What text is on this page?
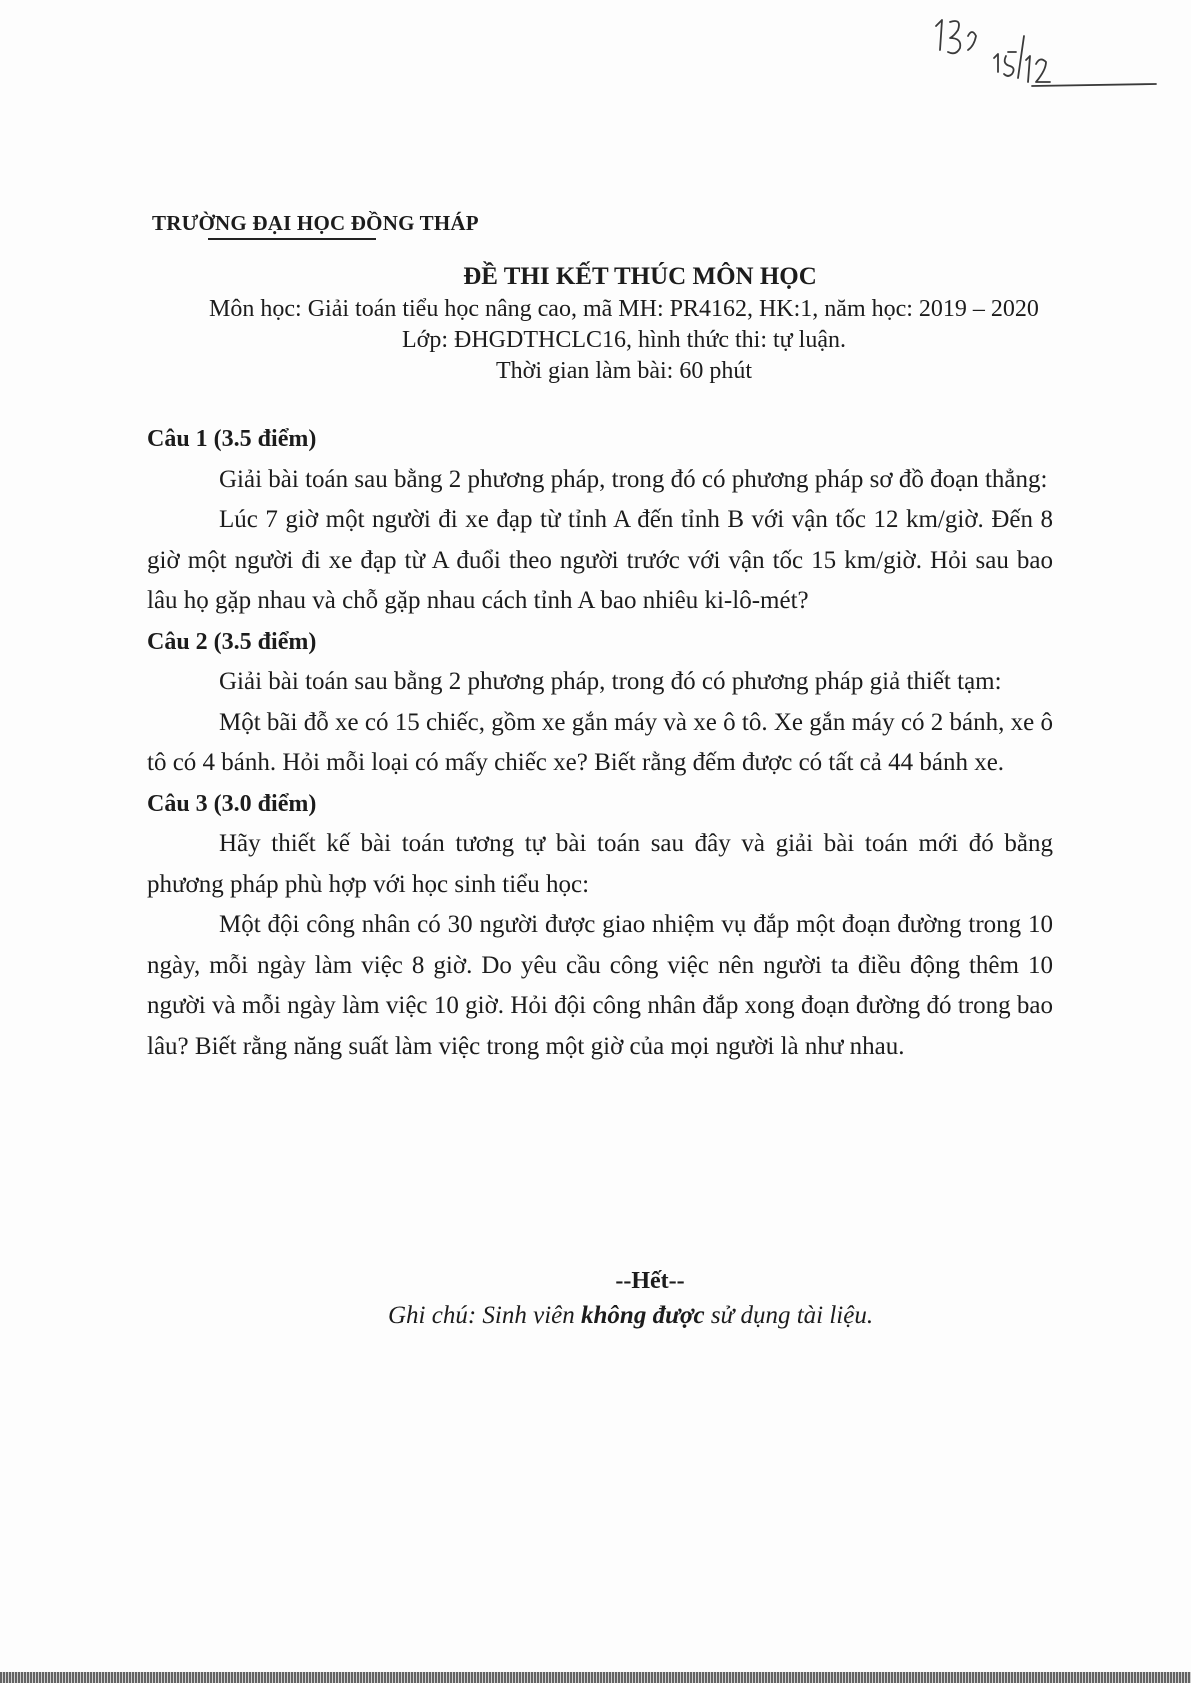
TRƯỜNG ĐẠI HỌC ĐỒNG THÁP
ĐỀ THI KẾT THÚC MÔN HỌC
Môn học: Giải toán tiểu học nâng cao, mã MH: PR4162, HK:1, năm học: 2019 – 2020
Lớp: ĐHGDTHCLC16, hình thức thi: tự luận.
Thời gian làm bài: 60 phút
Câu 1 (3.5 điểm)

Giải bài toán sau bằng 2 phương pháp, trong đó có phương pháp sơ đồ đoạn thẳng:

Lúc 7 giờ một người đi xe đạp từ tỉnh A đến tỉnh B với vận tốc 12 km/giờ. Đến 8 giờ một người đi xe đạp từ A đuổi theo người trước với vận tốc 15 km/giờ. Hỏi sau bao lâu họ gặp nhau và chỗ gặp nhau cách tỉnh A bao nhiêu ki-lô-mét?

Câu 2 (3.5 điểm)

Giải bài toán sau bằng 2 phương pháp, trong đó có phương pháp giả thiết tạm:

Một bãi đỗ xe có 15 chiếc, gồm xe gắn máy và xe ô tô. Xe gắn máy có 2 bánh, xe ô tô có 4 bánh. Hỏi mỗi loại có mấy chiếc xe? Biết rằng đếm được có tất cả 44 bánh xe.

Câu 3 (3.0 điểm)

Hãy thiết kế bài toán tương tự bài toán sau đây và giải bài toán mới đó bằng phương pháp phù hợp với học sinh tiểu học:

Một đội công nhân có 30 người được giao nhiệm vụ đắp một đoạn đường trong 10 ngày, mỗi ngày làm việc 8 giờ. Do yêu cầu công việc nên người ta điều động thêm 10 người và mỗi ngày làm việc 10 giờ. Hỏi đội công nhân đắp xong đoạn đường đó trong bao lâu? Biết rằng năng suất làm việc trong một giờ của mọi người là như nhau.

--Hết--
Ghi chú: Sinh viên không được sử dụng tài liệu.
